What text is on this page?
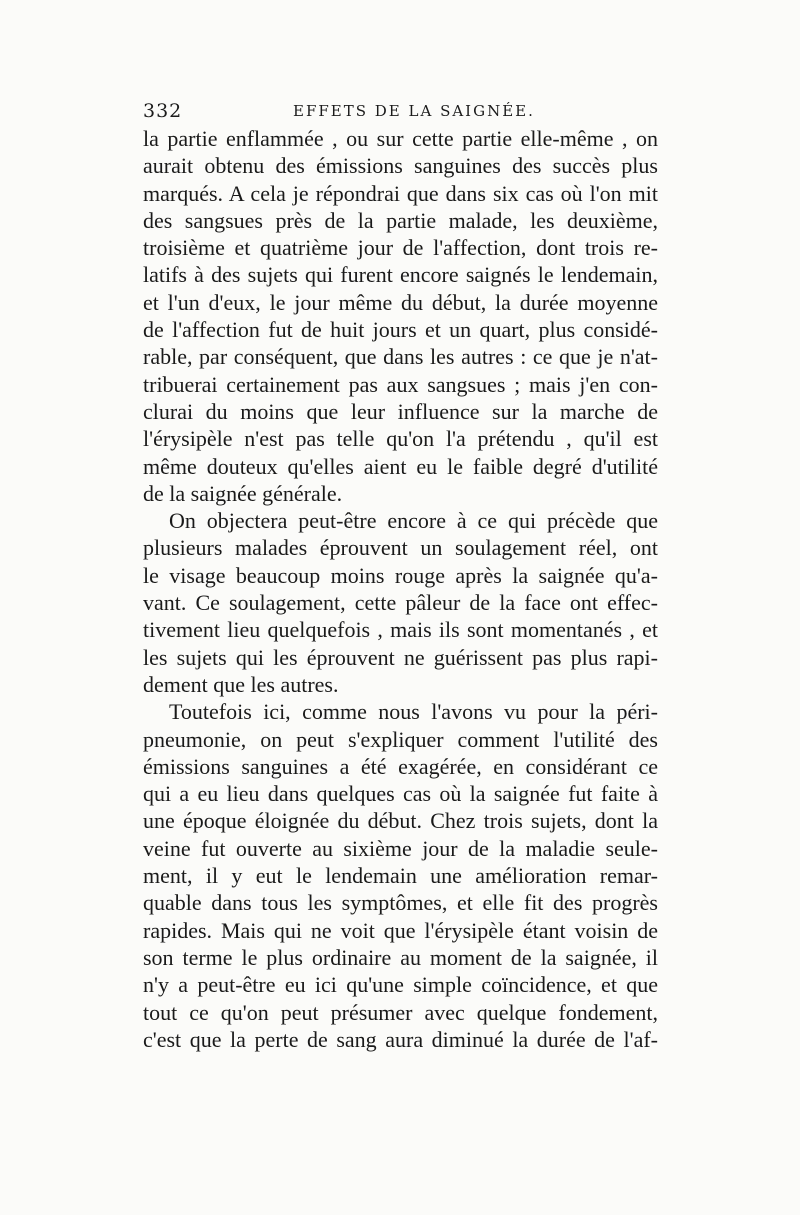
332	EFFETS DE LA SAIGNÉE.
la partie enflammée , ou sur cette partie elle-même , on
aurait obtenu des émissions sanguines des succès plus
marqués. A cela je répondrai que dans six cas où l'on mit
des sangsues près de la partie malade, les deuxième,
troisième et quatrième jour de l'affection, dont trois re-
latifs à des sujets qui furent encore saignés le lendemain,
et l'un d'eux, le jour même du début, la durée moyenne
de l'affection fut de huit jours et un quart, plus considé-
rable, par conséquent, que dans les autres : ce que je n'at-
tribuerai certainement pas aux sangsues ; mais j'en con-
clurai du moins que leur influence sur la marche de
l'érysipèle n'est pas telle qu'on l'a prétendu , qu'il est
même douteux qu'elles aient eu le faible degré d'utilité
de la saignée générale.
On objectera peut-être encore à ce qui précède que
plusieurs malades éprouvent un soulagement réel, ont
le visage beaucoup moins rouge après la saignée qu'a-
vant. Ce soulagement, cette pâleur de la face ont effec-
tivement lieu quelquefois , mais ils sont momentanés , et
les sujets qui les éprouvent ne guérissent pas plus rapi-
dement que les autres.
Toutefois ici, comme nous l'avons vu pour la péri-
pneumonie, on peut s'expliquer comment l'utilité des
émissions sanguines a été exagérée, en considérant ce
qui a eu lieu dans quelques cas où la saignée fut faite à
une époque éloignée du début. Chez trois sujets, dont la
veine fut ouverte au sixième jour de la maladie seule-
ment, il y eut le lendemain une amélioration remar-
quable dans tous les symptômes, et elle fit des progrès
rapides. Mais qui ne voit que l'érysipèle étant voisin de
son terme le plus ordinaire au moment de la saignée, il
n'y a peut-être eu ici qu'une simple coïncidence, et que
tout ce qu'on peut présumer avec quelque fondement,
c'est que la perte de sang aura diminué la durée de l'af-
